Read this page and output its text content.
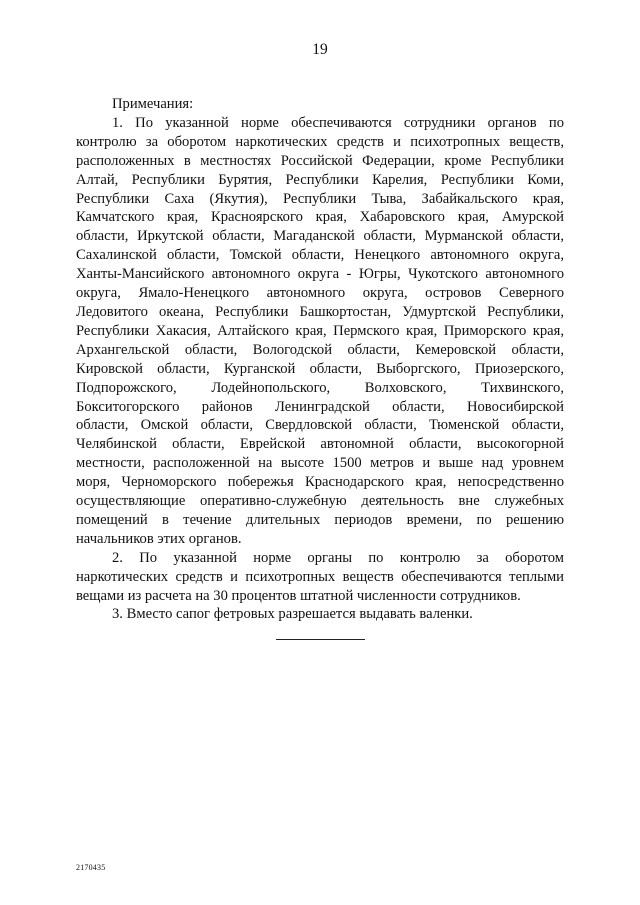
19

Примечания:

1. По указанной норме обеспечиваются сотрудники органов по
контролю за оборотом наркотических средств и психотропных веществ,
расположенных в местностях Российской Федерации, кроме Республики
Алтай, Республики Бурятия, Республики Карелия, Республики Коми,
Республики Саха (Якутия), Республики Тыва, Забайкальского края,
Камчатского края, Красноярского края, Хабаровского края, Амурской
области, Иркутской области, Магаданской области, Мурманской области,
Сахалинской области, Томской области, Ненецкого автономного округа,
Ханты-Мансийского автономного округа - Югры, Чукотского автономного
округа, Ямало-Ненецкого автономного округа, островов Северного
Ледовитого океана, Республики Башкортостан, Удмуртской Республики,
Республики Хакасия, Алтайского края, Пермского края, Приморского края,
Архангельской области, Вологодской области, Кемеровской области,
Кировской области, Курганской области, Выборгского, Приозерского,
Подпорожского, Лодейнопольского, Волховского, Тихвинского,
Бокситогорского районов Ленинградской области, Новосибирской
области, Омской области, Свердловской области, Тюменской области,
Челябинской области, Еврейской автономной области, высокогорной
местности, расположенной на высоте 1500 метров и выше над уровнем
моря, Черноморского побережья Краснодарского края, непосредственно
осуществляющие оперативно-служебную деятельность вне служебных
помещений в течение длительных периодов времени, по решению
начальников этих органов.

2. По указанной норме органы по контролю за оборотом
наркотических средств и психотропных веществ обеспечиваются теплыми
вещами из расчета на 30 процентов штатной численности сотрудников.

3. Вместо сапог фетровых разрешается выдавать валенки.

2170435
